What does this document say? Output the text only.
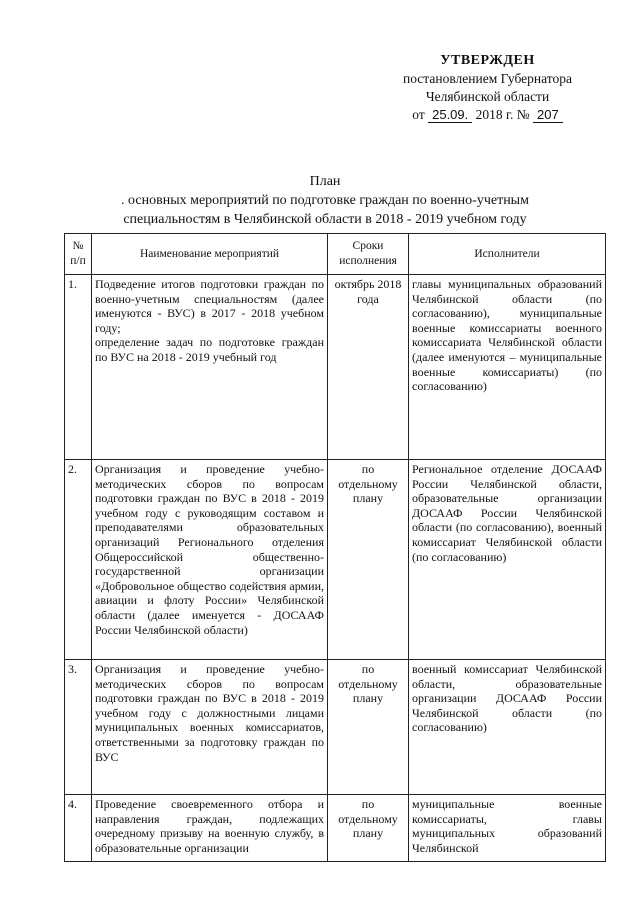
УТВЕРЖДЕН
постановлением Губернатора
Челябинской области
от 25.09. 2018 г. № 207
План
. основных мероприятий по подготовке граждан по военно-учетным
специальностям в Челябинской области в 2018 - 2019 учебном году
№ п/п	Наименование мероприятий	Сроки исполнения	Исполнители
1.	Подведение итогов подготовки граждан по военно-учетным специальностям (далее именуются - ВУС) в 2017 - 2018 учебном году;
определение задач по подготовке граждан по ВУС на 2018 - 2019 учебный год	октябрь 2018 года	главы муниципальных образований Челябинской области (по согласованию), муниципальные военные комиссариаты военного комиссариата Челябинской области (далее именуются – муниципальные военные комиссариаты) (по согласованию)
2.	Организация и проведение учебно-методических сборов по вопросам подготовки граждан по ВУС в 2018 - 2019 учебном году с руководящим составом и преподавателями образовательных организаций Регионального отделения Общероссийской общественно-государственной организации «Добровольное общество содействия армии, авиации и флоту России» Челябинской области (далее именуется - ДОСААФ России Челябинской области)	по отдельному плану	Региональное отделение ДОСААФ России Челябинской области, образовательные организации ДОСААФ России Челябинской области (по согласованию), военный комиссариат Челябинской области (по согласованию)
3.	Организация и проведение учебно-методических сборов по вопросам подготовки граждан по ВУС в 2018 - 2019 учебном году с должностными лицами муниципальных военных комиссариатов, ответственными за подготовку граждан по ВУС	по отдельному плану	военный комиссариат Челябинской области, образовательные организации ДОСААФ России Челябинской области (по согласованию)
4.	Проведение своевременного отбора и направления граждан, подлежащих очередному призыву на военную службу, в образовательные организации	по отдельному плану	муниципальные военные комиссариаты, главы муниципальных образований Челябинской
